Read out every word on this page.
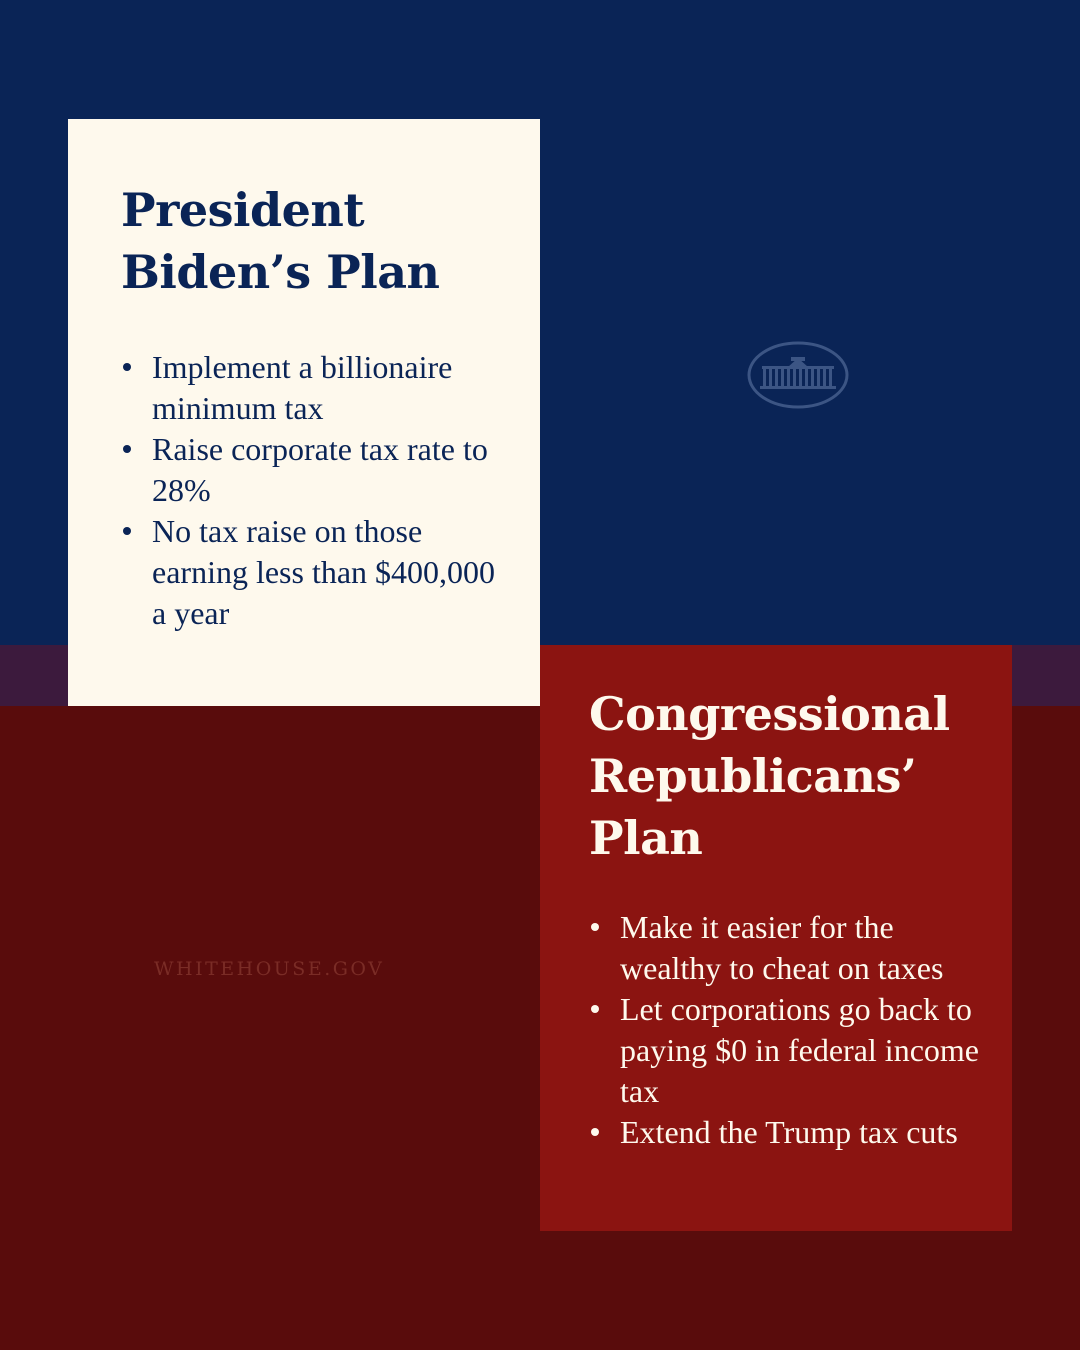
President Biden’s Plan
Implement a billionaire minimum tax
Raise corporate tax rate to 28%
No tax raise on those earning less than $400,000 a year
Congressional Republicans’ Plan
Make it easier for the wealthy to cheat on taxes
Let corporations go back to paying $0 in federal income tax
Extend the Trump tax cuts
WHITEHOUSE.GOV
